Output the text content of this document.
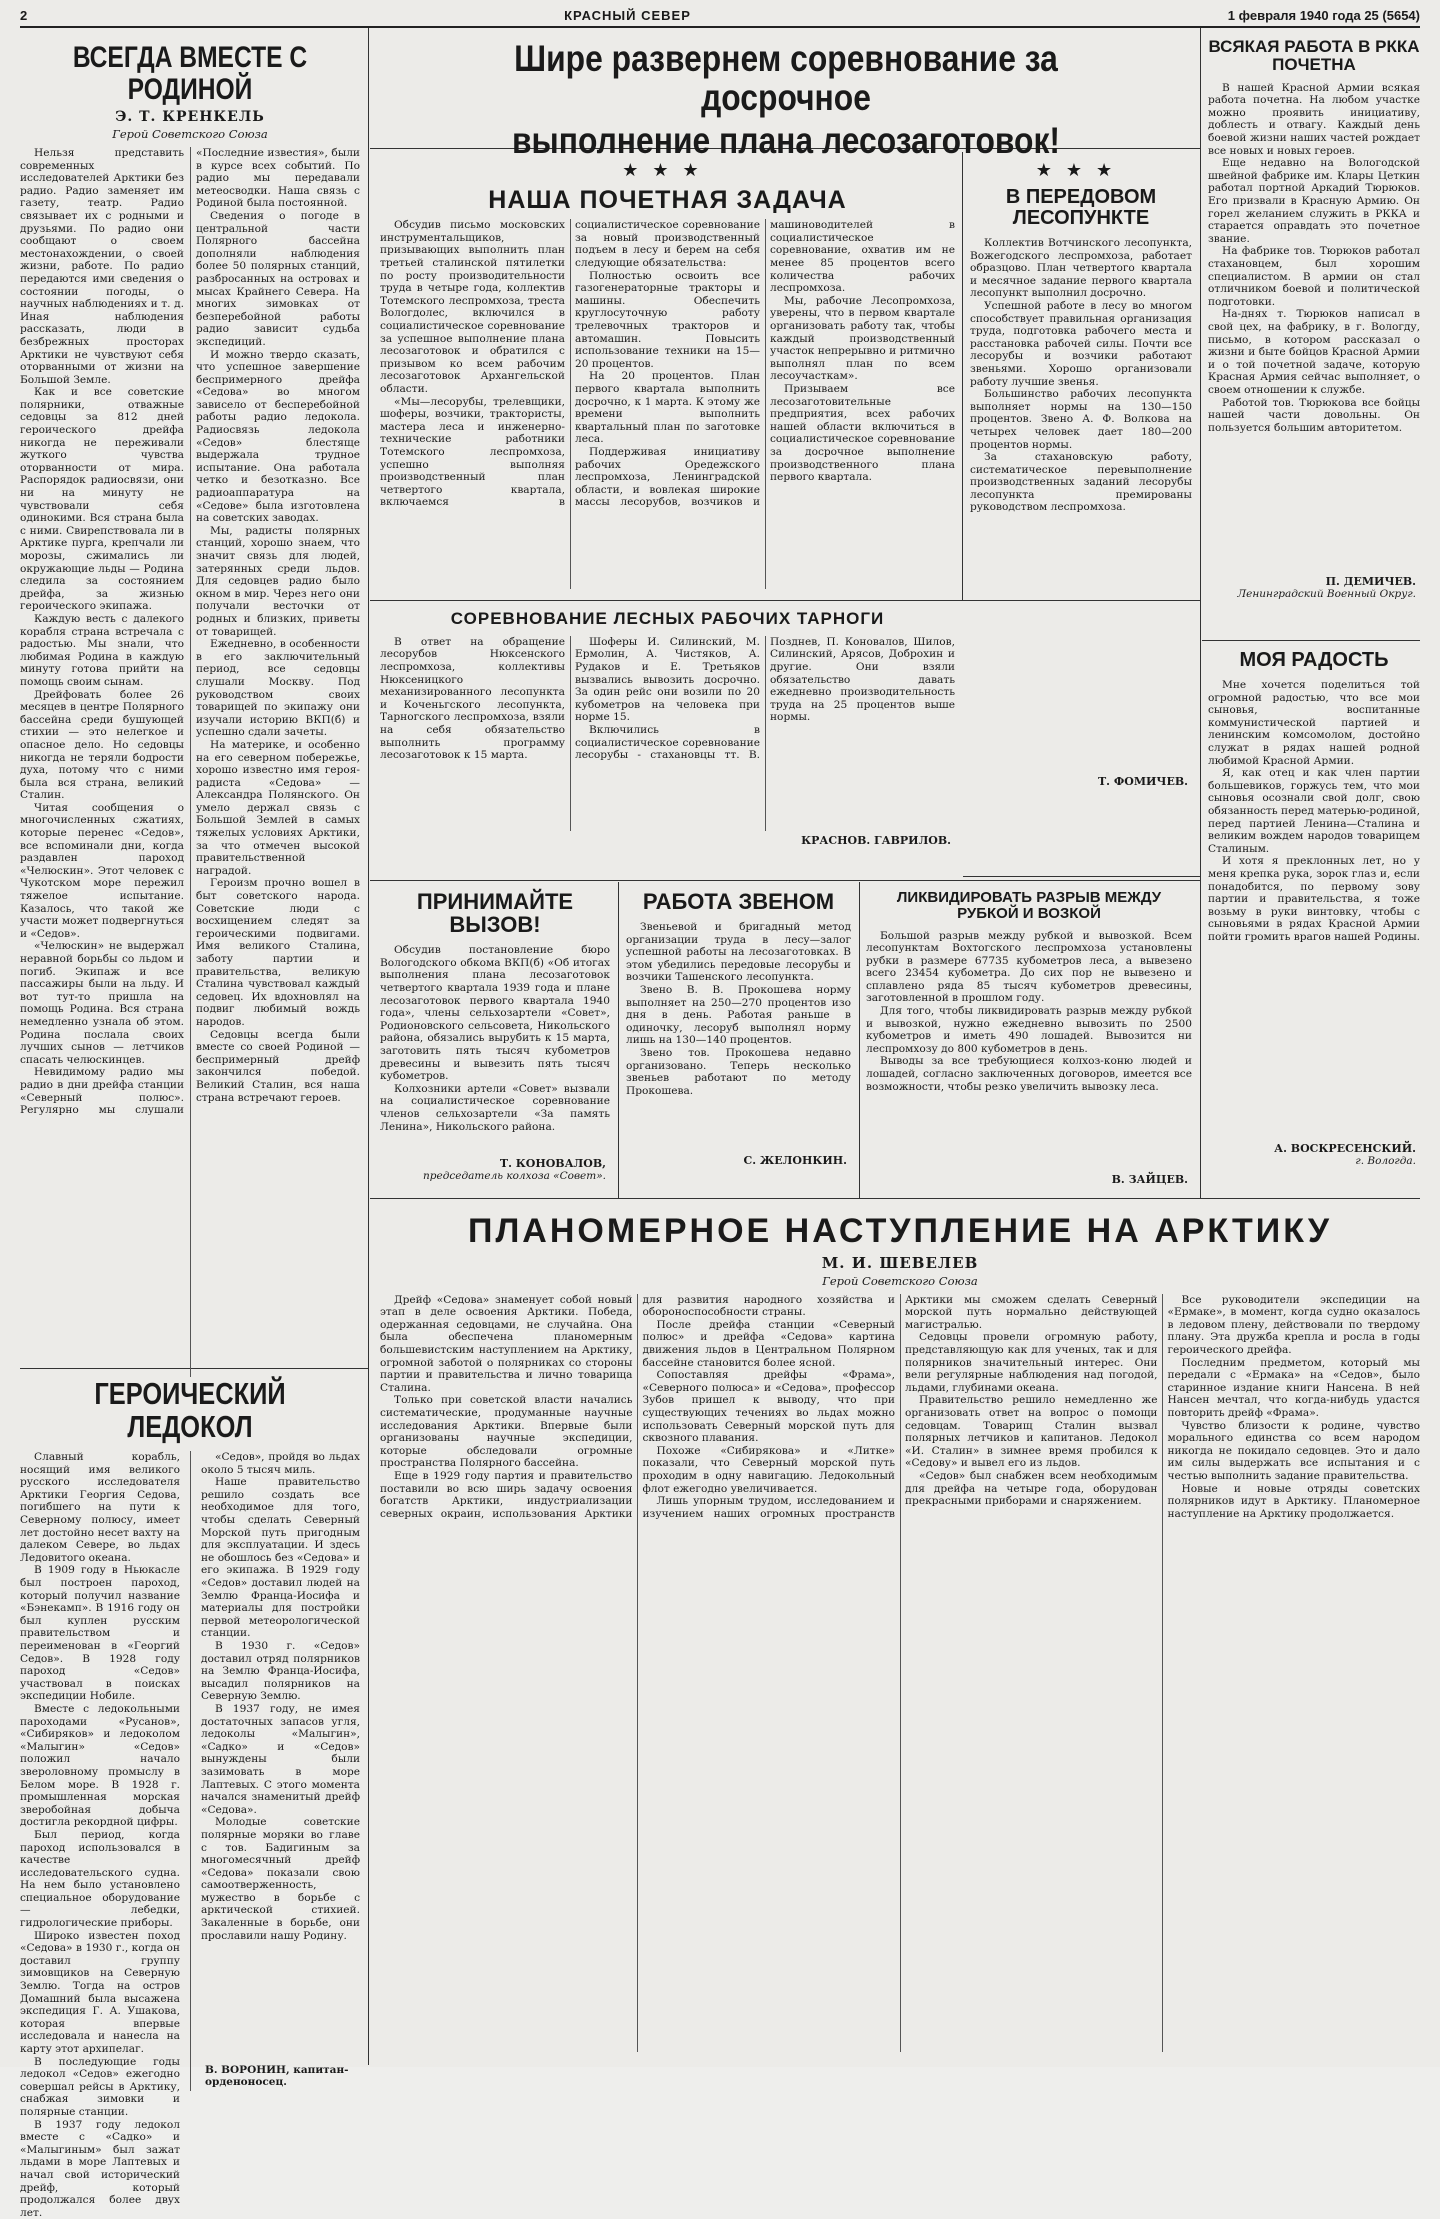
2	КРАСНЫЙ СЕВЕР	1 февраля 1940 года 25 (5654)
ВСЕГДА ВМЕСТЕ С РОДИНОЙ
Э. Т. КРЕНКЕЛЬ
Герой Советского Союза

Нельзя представить современных исследователей Арктики без радио. Радио заменяет им газету, театр. Радио связывает их с родными и друзьями. По радио они сообщают о своем местонахождении, о своей жизни, работе. По радио передаются ими сведения о состоянии погоды, о научных наблюдениях и т. д. Иная наблюдения рассказать, люди в безбрежных просторах Арктики не чувствуют себя оторванными от жизни на Большой Земле.

Как и все советские полярники, отважные седовцы за 812 дней героического дрейфа никогда не переживали жуткого чувства оторванности от мира. Распорядок радиосвязи, они ни на минуту не чувствовали себя одинокими. Вся страна была с ними. Свирепствовала ли в Арктике пурга, крепчали ли морозы, сжимались ли окружающие льды — Родина следила за состоянием дрейфа, за жизнью героического экипажа.

Каждую весть с далекого корабля страна встречала с радостью. Мы знали, что любимая Родина в каждую минуту готова прийти на помощь своим сынам.

Дрейфовать более 26 месяцев в центре Полярного бассейна среди бушующей стихии — это нелегкое и опасное дело. Но седовцы никогда не теряли бодрости духа, потому что с ними была вся страна, великий Сталин.

Читая сообщения о многочисленных сжатиях, которые перенес «Седов», все вспоминали дни, когда раздавлен пароход «Челюскин». Этот человек с Чукотском море пережил тяжелое испытание. Казалось, что такой же участи может подвергнуться и «Седов».

«Челюскин» не выдержал неравной борьбы со льдом и погиб. Экипаж и все пассажиры были на льду. И вот тут-то пришла на помощь Родина. Вся страна немедленно узнала об этом. Родина послала своих лучших сынов — летчиков спасать челюскинцев.

Невидимому радио мы радио в дни дрейфа станции «Северный полюс». Регулярно мы слушали «Последние известия», были в курсе всех событий. По радио мы передавали метеосводки. Наша связь с Родиной была постоянной.

Сведения о погоде в центральной части Полярного бассейна дополняли наблюдения более 50 полярных станций, разбросанных на островах и мысах Крайнего Севера. На многих зимовках от безперебойной работы радио зависит судьба экспедиций.

И можно твердо сказать, что успешное завершение беспримерного дрейфа «Седова» во многом зависело от бесперебойной работы радио ледокола. Радиосвязь ледокола «Седов» блестяще выдержала трудное испытание. Она работала четко и безотказно. Все радиоаппаратура на «Седове» была изготовлена на советских заводах.

Мы, радисты полярных станций, хорошо знаем, что значит связь для людей, затерянных среди льдов. Для седовцев радио было окном в мир. Через него они получали весточки от родных и близких, приветы от товарищей.

Ежедневно, в особенности в его заключительный период, все седовцы слушали Москву. Под руководством своих товарищей по экипажу они изучали историю ВКП(б) и успешно сдали зачеты.

На материке, и особенно на его северном побережье, хорошо известно имя героя-радиста «Седова» — Александра Полянского. Он умело держал связь с Большой Землей в самых тяжелых условиях Арктики, за что отмечен высокой правительственной наградой.

Героизм прочно вошел в быт советского народа. Советские люди с восхищением следят за героическими подвигами. Имя великого Сталина, заботу партии и правительства, великую Сталина чувствовал каждый седовец. Их вдохновлял на подвиг любимый вождь народов.

Седовцы всегда были вместе со своей Родиной — беспримерный дрейф закончился победой. Великий Сталин, вся наша страна встречают героев.

ГЕРОИЧЕСКИЙ ЛЕДОКОЛ

Славный корабль, носящий имя великого русского исследователя Арктики Георгия Седова, погибшего на пути к Северному полюсу, имеет лет достойно несет вахту на далеком Севере, во льдах Ледовитого океана.

В 1909 году в Ньюкасле был построен пароход, который получил название «Бэнекамп». В 1916 году он был куплен русским правительством и переименован в «Георгий Седов». В 1928 году пароход «Седов» участвовал в поисках экспедиции Нобиле.

Вместе с ледокольными пароходами «Русанов», «Сибиряков» и ледоколом «Малыгин» «Седов» положил начало звероловному промыслу в Белом море. В 1928 г. промышленная морская зверобойная добыча достигла рекордной цифры.

Был период, когда пароход использовался в качестве исследовательского судна. На нем было установлено специальное оборудование — лебедки, гидрологические приборы.

Широко известен поход «Седова» в 1930 г., когда он доставил группу зимовщиков на Северную Землю. Тогда на остров Домашний была высажена экспедиция Г. А. Ушакова, которая впервые исследовала и нанесла на карту этот архипелаг.

В последующие годы ледокол «Седов» ежегодно совершал рейсы в Арктику, снабжая зимовки и полярные станции.

В 1937 году ледокол вместе с «Садко» и «Малыгиным» был зажат льдами в море Лаптевых и начал свой исторический дрейф, который продолжался более двух лет.

«Седов», пройдя во льдах около 5 тысяч миль.

Наше правительство решило создать все необходимое для того, чтобы сделать Северный Морской путь пригодным для эксплуатации. И здесь не обошлось без «Седова» и его экипажа. В 1929 году «Седов» доставил людей на Землю Франца-Иосифа и материалы для постройки первой метеорологической станции.

В 1930 г. «Седов» доставил отряд полярников на Землю Франца-Иосифа, высадил полярников на Северную Землю.

В 1937 году, не имея достаточных запасов угля, ледоколы «Малыгин», «Садко» и «Седов» вынуждены были зазимовать в море Лаптевых. С этого момента начался знаменитый дрейф «Седова».

Молодые советские полярные моряки во главе с тов. Бадигиным за многомесячный дрейф «Седова» показали свою самоотверженность, мужество в борьбе с арктической стихией. Закаленные в борьбе, они прославили нашу Родину.

В. ВОРОНИН, капитан-орденоносец.
Шире развернем соревнование за досрочное
выполнение плана лесозаготовок!
★★★
НАША ПОЧЕТНАЯ ЗАДАЧА

Обсудив письмо московских инструментальщиков, призывающих выполнить план третьей сталинской пятилетки по росту производительности труда в четыре года, коллектив Тотемского леспромхоза, треста Вологдолес, включился в социалистическое соревнование за успешное выполнение плана лесозаготовок и обратился с призывом ко всем рабочим лесозаготовок Архангельской области.

«Мы—лесорубы, трелевщики, шоферы, возчики, трактористы, мастера леса и инженерно-технические работники Тотемского леспромхоза, успешно выполняя производственный план четвертого квартала, включаемся в социалистическое соревнование за новый производственный подъем в лесу и берем на себя следующие обязательства:

Полностью освоить все газогенераторные тракторы и машины. Обеспечить круглосуточную работу трелевочных тракторов и автомашин. Повысить использование техники на 15—20 процентов.

На 20 процентов. План первого квартала выполнить досрочно, к 1 марта. К этому же времени выполнить квартальный план по заготовке леса.

Поддерживая инициативу рабочих Оредежского леспромхоза, Ленинградской области, и вовлекая широкие массы лесорубов, возчиков и машиноводителей в социалистическое соревнование, охватив им не менее 85 процентов всего количества рабочих леспромхоза.

Мы, рабочие Лесопромхоза, уверены, что в первом квартале организовать работу так, чтобы каждый производственный участок непрерывно и ритмично выполнял план по всем лесоучасткам».

Призываем все лесозаготовительные предприятия, всех рабочих нашей области включиться в социалистическое соревнование за досрочное выполнение производственного плана первого квартала.

★★★
В ПЕРЕДОВОМ ЛЕСОПУНКТЕ

Коллектив Вотчинского лесопункта, Вожегодского леспромхоза, работает образцово. План четвертого квартала и месячное задание первого квартала лесопункт выполнил досрочно.

Успешной работе в лесу во многом способствует правильная организация труда, подготовка рабочего места и расстановка рабочей силы. Почти все лесорубы и возчики работают звеньями. Хорошо организовали работу лучшие звенья.

Большинство рабочих лесопункта выполняет нормы на 130—150 процентов. Звено А. Ф. Волкова на четырех человек дает 180—200 процентов нормы.

За стахановскую работу, систематическое перевыполнение производственных заданий лесорубы лесопункта премированы руководством леспромхоза.

Т. ФОМИЧЕВ.
СОРЕВНОВАНИЕ ЛЕСНЫХ РАБОЧИХ ТАРНОГИ

В ответ на обращение лесорубов Нюксенского леспромхоза, коллективы Нюксеницкого механизированного лесопункта и Коченьгского лесопункта, Тарногского леспромхоза, взяли на себя обязательство выполнить программу лесозаготовок к 15 марта.

Шоферы И. Силинский, М. Ермолин, А. Чистяков, А. Рудаков и Е. Третьяков вызвались вывозить досрочно. За один рейс они возили по 20 кубометров на человека при норме 15.

Включились в социалистическое соревнование лесорубы - стахановцы тт. В. Позднев, П. Коновалов, Шилов, Силинский, Арясов, Доброхин и другие. Они взяли обязательство давать ежедневно производительность труда на 25 процентов выше нормы.

КРАСНОВ. ГАВРИЛОВ.
ПРИНИМАЙТЕ ВЫЗОВ!

Обсудив постановление бюро Вологодского обкома ВКП(б) «Об итогах выполнения плана лесозаготовок четвертого квартала 1939 года и плане лесозаготовок первого квартала 1940 года», члены сельхозартели «Совет», Родионовского сельсовета, Никольского района, обязались вырубить к 15 марта, заготовить пять тысяч кубометров древесины и вывезить пять тысяч кубометров.

Колхозники артели «Совет» вызвали на социалистическое соревнование членов сельхозартели «За память Ленина», Никольского района.

Т. КОНОВАЛОВ,
председатель колхоза «Совет».
РАБОТА ЗВЕНОМ

Звеньевой и бригадный метод организации труда в лесу—залог успешной работы на лесозаготовках. В этом убедились передовые лесорубы и возчики Ташенского лесопункта.

Звено В. В. Прокошева норму выполняет на 250—270 процентов изо дня в день. Работая раньше в одиночку, лесоруб выполнял норму лишь на 130—140 процентов.

Звено тов. Прокошева недавно организовано. Теперь несколько звеньев работают по методу Прокошева.

С. ЖЕЛОНКИН.
ЛИКВИДИРОВАТЬ РАЗРЫВ МЕЖДУ РУБКОЙ И ВОЗКОЙ

Большой разрыв между рубкой и вывозкой. Всем лесопунктам Вохтогского леспромхоза установлены рубки в размере 67735 кубометров леса, а вывезено всего 23454 кубометра. До сих пор не вывезено и сплавлено ряда 85 тысяч кубометров древесины, заготовленной в прошлом году.

Для того, чтобы ликвидировать разрыв между рубкой и вывозкой, нужно ежедневно вывозить по 2500 кубометров и иметь 490 лошадей. Вывозится ни леспромхозу до 800 кубометров в день.

Выводы за все требующиеся колхоз-коню людей и лошадей, согласно заключенных договоров, имеется все возможности, чтобы резко увеличить вывозку леса.

В. ЗАЙЦЕВ.
ВСЯКАЯ РАБОТА В РККА ПОЧЕТНА

В нашей Красной Армии всякая работа почетна. На любом участке можно проявить инициативу, доблесть и отвагу. Каждый день боевой жизни наших частей рождает все новых и новых героев.

Еще недавно на Вологодской швейной фабрике им. Клары Цеткин работал портной Аркадий Тюрюков. Его призвали в Красную Армию. Он горел желанием служить в РККА и старается оправдать это почетное звание.

На фабрике тов. Тюрюков работал стахановцем, был хорошим специалистом. В армии он стал отличником боевой и политической подготовки.

На-днях т. Тюрюков написал в свой цех, на фабрику, в г. Вологду, письмо, в котором рассказал о жизни и быте бойцов Красной Армии и о той почетной задаче, которую Красная Армия сейчас выполняет, о своем отношении к службе.

Работой тов. Тюрюкова все бойцы нашей части довольны. Он пользуется большим авторитетом.

П. ДЕМИЧЕВ.
Ленинградский Военный Округ.
МОЯ РАДОСТЬ

Мне хочется поделиться той огромной радостью, что все мои сыновья, воспитанные коммунистической партией и ленинским комсомолом, достойно служат в рядах нашей родной любимой Красной Армии.

Я, как отец и как член партии большевиков, горжусь тем, что мои сыновья осознали свой долг, свою обязанность перед матерью-родиной, перед партией Ленина—Сталина и великим вождем народов товарищем Сталиным.

И хотя я преклонных лет, но у меня крепка рука, зорок глаз и, если понадобится, по первому зову партии и правительства, я тоже возьму в руки винтовку, чтобы с сыновьями в рядах Красной Армии пойти громить врагов нашей Родины.

А. ВОСКРЕСЕНСКИЙ.
г. Вологда.
ПЛАНОМЕРНОЕ НАСТУПЛЕНИЕ НА АРКТИКУ
М. И. ШЕВЕЛЕВ
Герой Советского Союза

Дрейф «Седова» знаменует собой новый этап в деле освоения Арктики. Победа, одержанная седовцами, не случайна. Она была обеспечена планомерным большевистским наступлением на Арктику, огромной заботой о полярниках со стороны партии и правительства и лично товарища Сталина.

Только при советской власти начались систематические, продуманные научные исследования Арктики. Впервые были организованы научные экспедиции, которые обследовали огромные пространства Полярного бассейна.

Еще в 1929 году партия и правительство поставили во всю ширь задачу освоения богатств Арктики, индустриализации северных окраин, использования Арктики для развития народного хозяйства и обороноспособности страны.

После дрейфа станции «Северный полюс» и дрейфа «Седова» картина движения льдов в Центральном Полярном бассейне становится более ясной.

Сопоставляя дрейфы «Фрама», «Северного полюса» и «Седова», профессор Зубов пришел к выводу, что при существующих течениях во льдах можно использовать Северный морской путь для сквозного плавания.

Похоже «Сибирякова» и «Литке» показали, что Северный морской путь проходим в одну навигацию. Ледокольный флот ежегодно увеличивается.

Лишь упорным трудом, исследованием и изучением наших огромных пространств Арктики мы сможем сделать Северный морской путь нормально действующей магистралью.

Седовцы провели огромную работу, представляющую как для ученых, так и для полярников значительный интерес. Они вели регулярные наблюдения над погодой, льдами, глубинами океана.

Правительство решило немедленно же организовать ответ на вопрос о помощи седовцам. Товарищ Сталин вызвал полярных летчиков и капитанов. Ледокол «И. Сталин» в зимнее время пробился к «Седову» и вывел его из льдов.

«Седов» был снабжен всем необходимым для дрейфа на четыре года, оборудован прекрасными приборами и снаряжением.

Все руководители экспедиции на «Ермаке», в момент, когда судно оказалось в ледовом плену, действовали по твердому плану. Эта дружба крепла и росла в годы героического дрейфа.

Последним предметом, который мы передали с «Ермака» на «Седов», было старинное издание книги Нансена. В ней Нансен мечтал, что когда-нибудь удастся повторить дрейф «Фрама».

Чувство близости к родине, чувство морального единства со всем народом никогда не покидало седовцев. Это и дало им силы выдержать все испытания и с честью выполнить задание правительства.

Новые и новые отряды советских полярников идут в Арктику. Планомерное наступление на Арктику продолжается.
